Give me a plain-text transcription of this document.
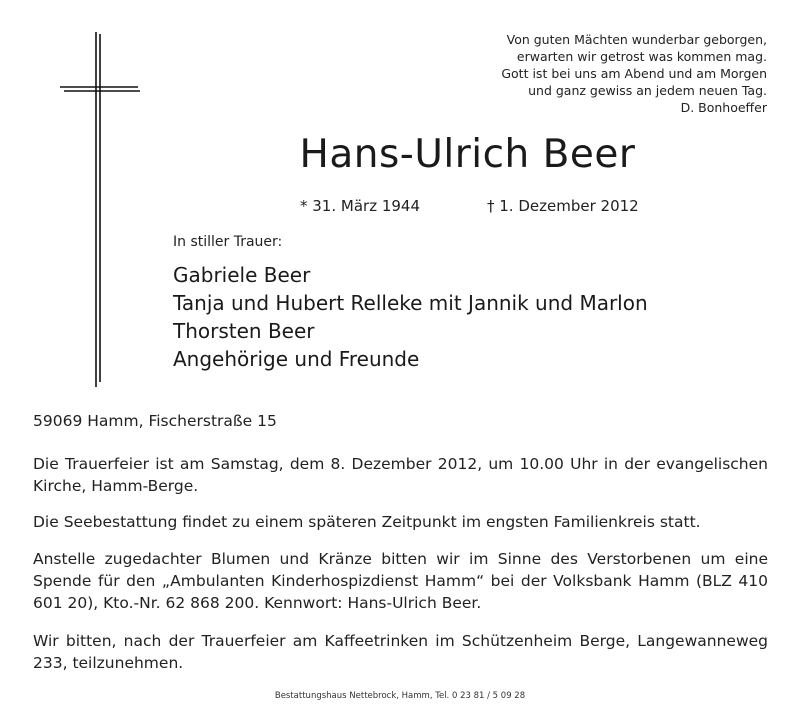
Von guten Mächten wunderbar geborgen,
erwarten wir getrost was kommen mag.
Gott ist bei uns am Abend und am Morgen
und ganz gewiss an jedem neuen Tag.
D. Bonhoeffer
Hans-Ulrich Beer
* 31. März 1944	† 1. Dezember 2012
In stiller Trauer:
Gabriele Beer
Tanja und Hubert Relleke mit Jannik und Marlon
Thorsten Beer
Angehörige und Freunde
59069 Hamm, Fischerstraße 15
Die Trauerfeier ist am Samstag, dem 8. Dezember 2012, um 10.00 Uhr in der evangelischen Kirche, Hamm-Berge.
Die Seebestattung findet zu einem späteren Zeitpunkt im engsten Familienkreis statt.
Anstelle zugedachter Blumen und Kränze bitten wir im Sinne des Verstorbenen um eine Spende für den „Ambulanten Kinderhospizdienst Hamm“ bei der Volksbank Hamm (BLZ 410 601 20), Kto.-Nr. 62 868 200. Kennwort: Hans-Ulrich Beer.
Wir bitten, nach der Trauerfeier am Kaffeetrinken im Schützenheim Berge, Langewanneweg 233, teilzunehmen.
Bestattungshaus Nettebrock, Hamm, Tel. 0 23 81 / 5 09 28
